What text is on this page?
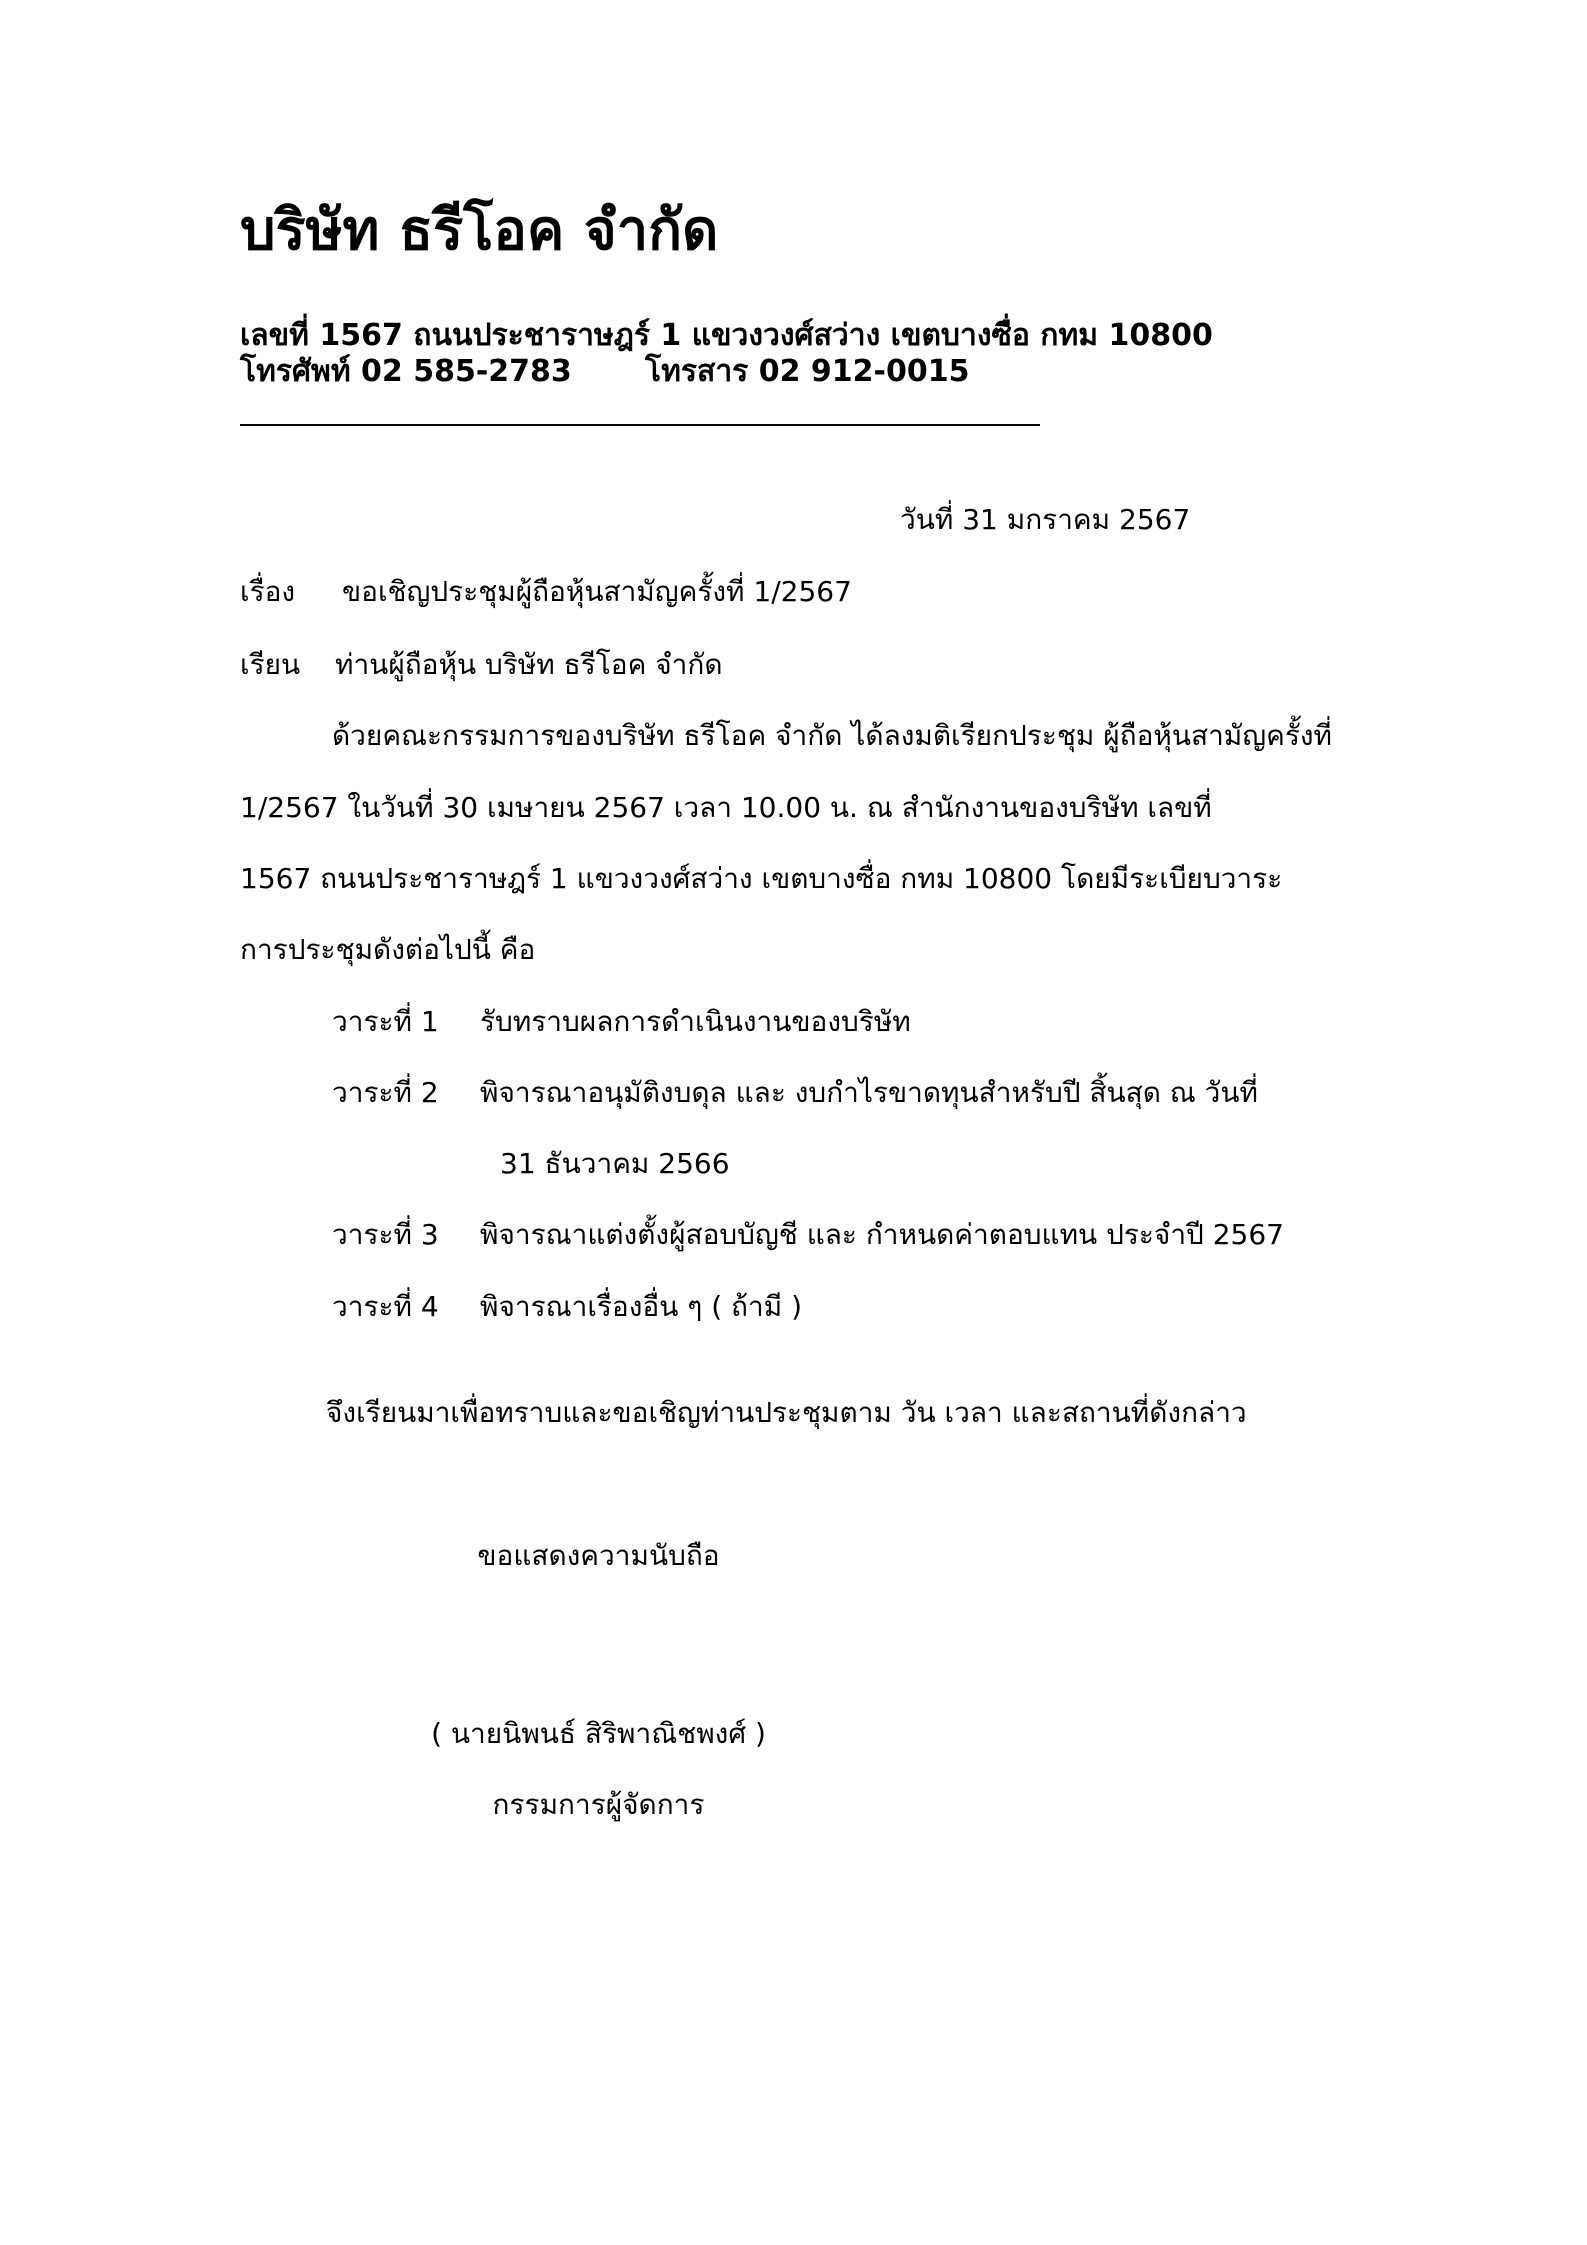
บริษัท ธรีโอค จำกัด
เลขที่ 1567 ถนนประชาราษฎร์ 1 แขวงวงศ์สว่าง เขตบางซื่อ กทม 10800
โทรศัพท์ 02 585-2783 โทรสาร 02 912-0015
วันที่ 31 มกราคม 2567
เรื่อง ขอเชิญประชุมผู้ถือหุ้นสามัญครั้งที่ 1/2567
เรียน ท่านผู้ถือหุ้น บริษัท ธรีโอค จำกัด
ด้วยคณะกรรมการของบริษัท ธรีโอค จำกัด ได้ลงมติเรียกประชุม ผู้ถือหุ้นสามัญครั้งที่
1/2567 ในวันที่ 30 เมษายน 2567 เวลา 10.00 น. ณ สำนักงานของบริษัท เลขที่
1567 ถนนประชาราษฎร์ 1 แขวงวงศ์สว่าง เขตบางซื่อ กทม 10800 โดยมีระเบียบวาระ
การประชุมดังต่อไปนี้ คือ
วาระที่ 1 รับทราบผลการดำเนินงานของบริษัท
วาระที่ 2 พิจารณาอนุมัติงบดุล และ งบกำไรขาดทุนสำหรับปี สิ้นสุด ณ วันที่
31 ธันวาคม 2566
วาระที่ 3 พิจารณาแต่งตั้งผู้สอบบัญชี และ กำหนดค่าตอบแทน ประจำปี 2567
วาระที่ 4 พิจารณาเรื่องอื่น ๆ ( ถ้ามี )
จึงเรียนมาเพื่อทราบและขอเชิญท่านประชุมตาม วัน เวลา และสถานที่ดังกล่าว
ขอแสดงความนับถือ
( นายนิพนธ์ สิริพาณิชพงศ์ )
กรรมการผู้จัดการ
